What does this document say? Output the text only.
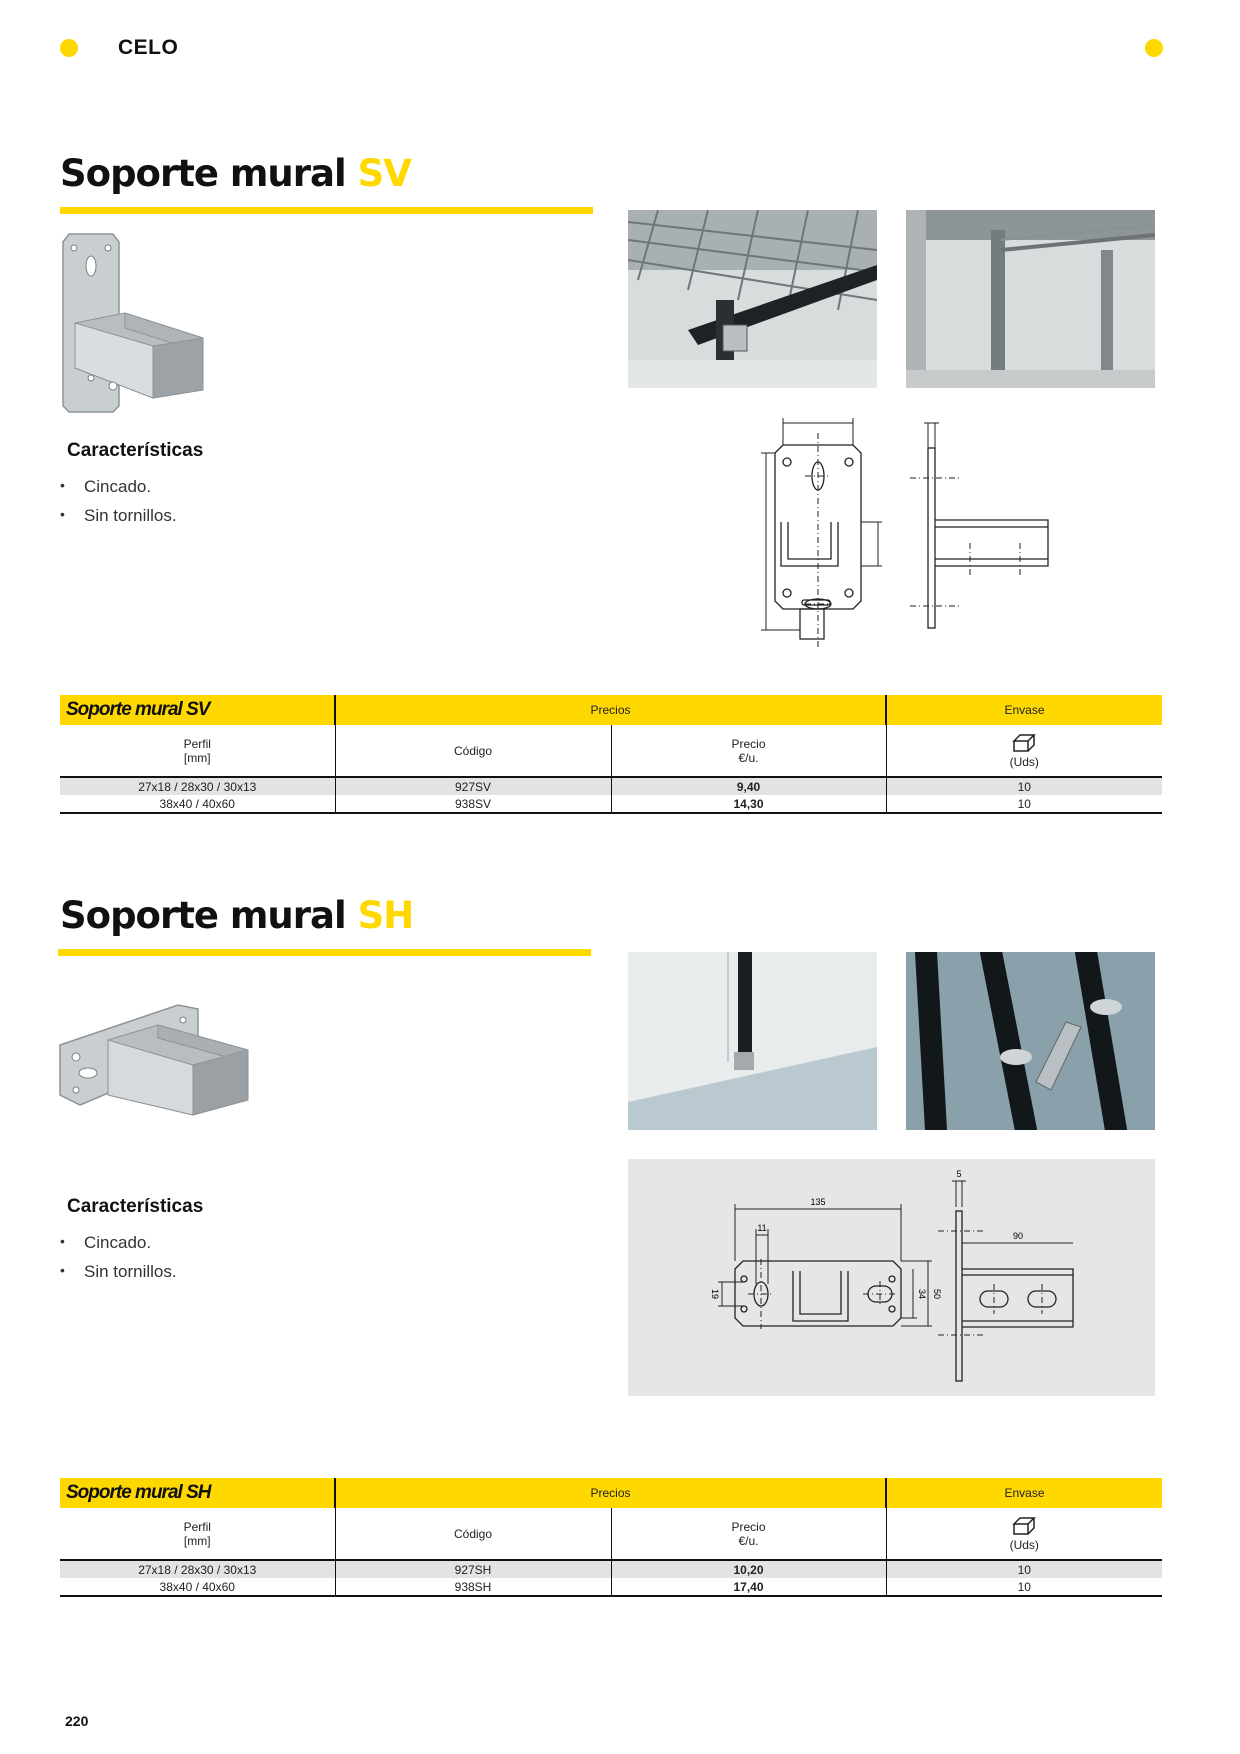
CELO
Soporte mural SV
Características
• Cincado.
• Sin tornillos.
Soporte mural SV	Precios		Envase
Perfil
[mm]	Código	Precio
€/u.	(Uds)
27x18 / 28x30 / 30x13	927SV	9,40	10
38x40 / 40x60	938SV	14,30	10
Soporte mural SH
135
11
5
90
19	34 50
Características
• Cincado.
• Sin tornillos.
Soporte mural SH	Precios		Envase
Perfil
[mm]	Código	Precio
€/u.	(Uds)
27x18 / 28x30 / 30x13	927SH	10,20	10
38x40 / 40x60	938SH	17,40	10
220
